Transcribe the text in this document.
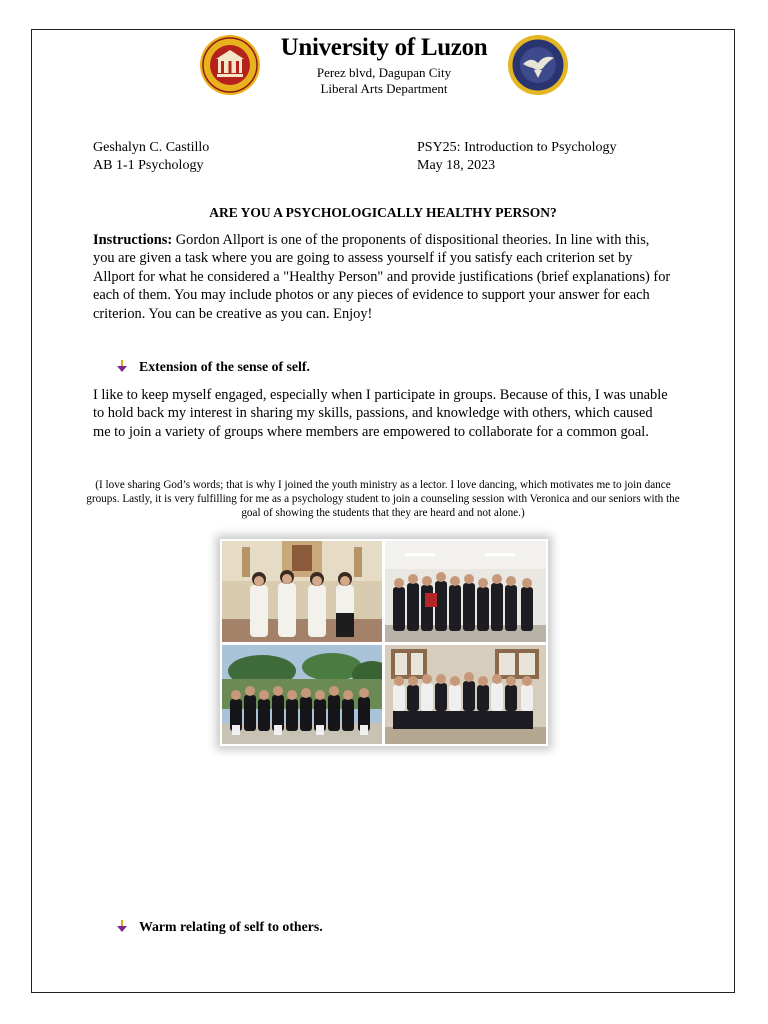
University of Luzon
Perez blvd, Dagupan City
Liberal Arts Department
Geshalyn C. Castillo
AB 1-1 Psychology
PSY25: Introduction to Psychology
May 18, 2023
ARE YOU A PSYCHOLOGICALLY HEALTHY PERSON?
Instructions: Gordon Allport is one of the proponents of dispositional theories. In line with this, you are given a task where you are going to assess yourself if you satisfy each criterion set by Allport for what he considered a "Healthy Person" and provide justifications (brief explanations) for each of them. You may include photos or any pieces of evidence to support your answer for each criterion. You can be creative as you can. Enjoy!
Extension of the sense of self.
I like to keep myself engaged, especially when I participate in groups. Because of this, I was unable to hold back my interest in sharing my skills, passions, and knowledge with others, which caused me to join a variety of groups where members are empowered to collaborate for a common goal.
(I love sharing God’s words; that is why I joined the youth ministry as a lector. I love dancing, which motivates me to join dance groups. Lastly, it is very fulfilling for me as a psychology student to join a counseling session with Veronica and our seniors with the goal of showing the students that they are heard and not alone.)
Warm relating of self to others.
